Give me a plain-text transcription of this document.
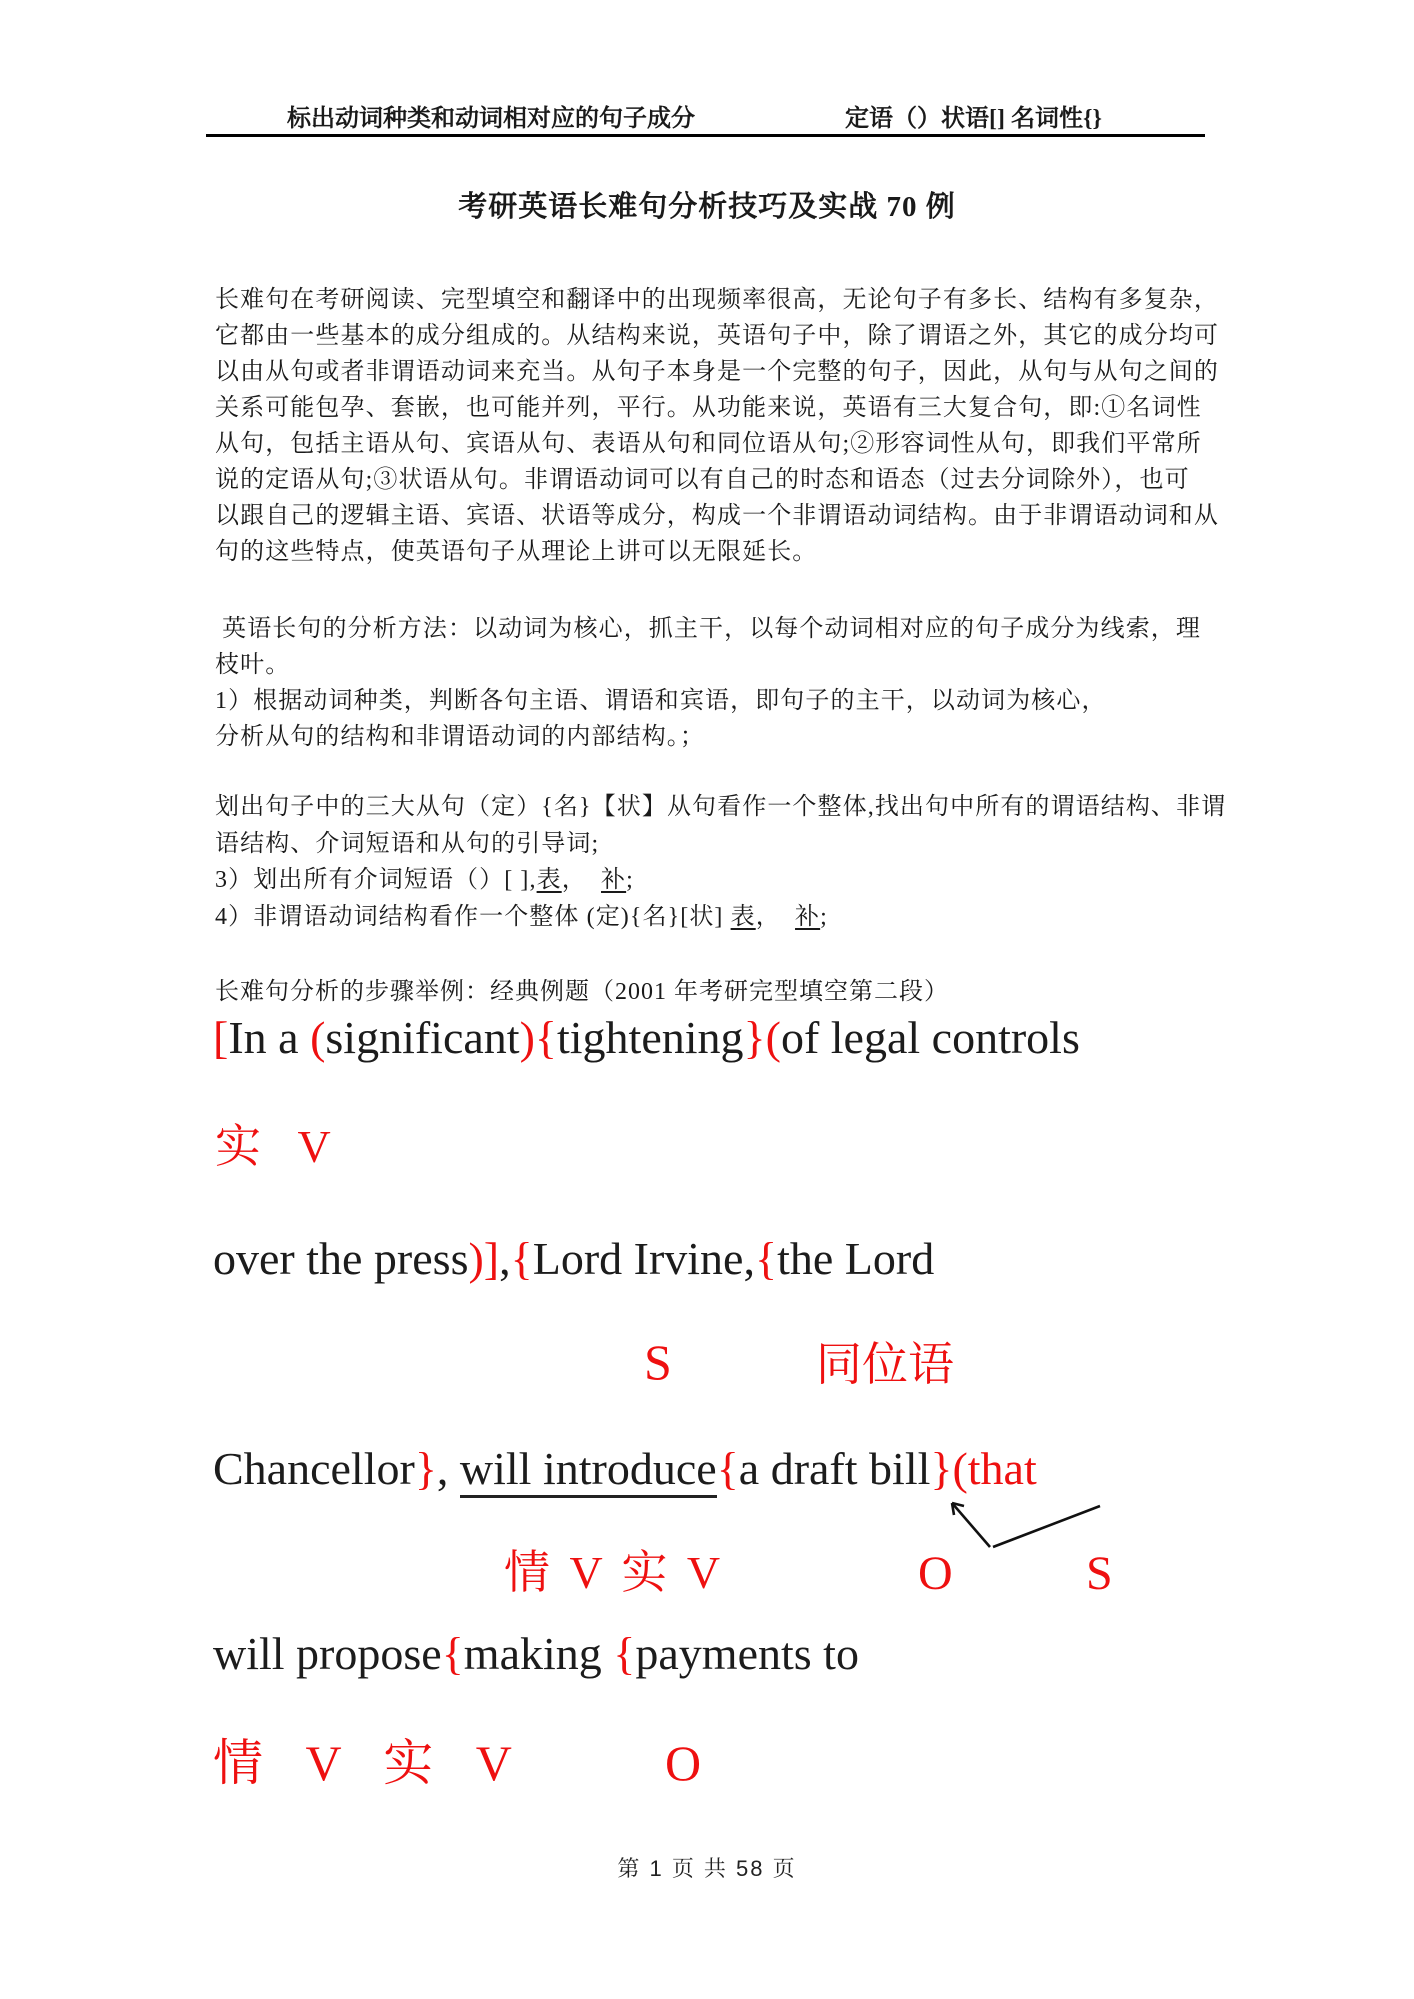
标出动词种类和动词相对应的句子成分	定语（）状语[] 名词性{}
考研英语长难句分析技巧及实战 70 例
长难句在考研阅读、完型填空和翻译中的出现频率很高，无论句子有多长、结构有多复杂，
它都由一些基本的成分组成的。从结构来说，英语句子中，除了谓语之外，其它的成分均可
以由从句或者非谓语动词来充当。从句子本身是一个完整的句子，因此，从句与从句之间的
关系可能包孕、套嵌，也可能并列，平行。从功能来说，英语有三大复合句，即:①名词性
从句，包括主语从句、宾语从句、表语从句和同位语从句;②形容词性从句，即我们平常所
说的定语从句;③状语从句。非谓语动词可以有自己的时态和语态（过去分词除外），也可
以跟自己的逻辑主语、宾语、状语等成分，构成一个非谓语动词结构。由于非谓语动词和从
句的这些特点，使英语句子从理论上讲可以无限延长。
英语长句的分析方法：以动词为核心，抓主干，以每个动词相对应的句子成分为线索，理
枝叶。
1）根据动词种类，判断各句主语、谓语和宾语，即句子的主干，以动词为核心，
分析从句的结构和非谓语动词的内部结构。；
划出句子中的三大从句（定）{名}【状】从句看作一个整体,找出句中所有的谓语结构、非谓
语结构、介词短语和从句的引导词;
3）划出所有介词短语（）[ ],表，  补;
4）非谓语动词结构看作一个整体 (定){名}[状] 表，  补;
长难句分析的步骤举例：经典例题（2001 年考研完型填空第二段）
[In a (significant){tightening}(of legal controls
实 V
over the press)],{Lord Irvine,{the Lord
S	同位语
Chancellor}, will introduce{a draft bill}(that
情 V 实 V	O	S
will propose{making {payments to
情 V 实 V	O
第 1 页 共 58 页
